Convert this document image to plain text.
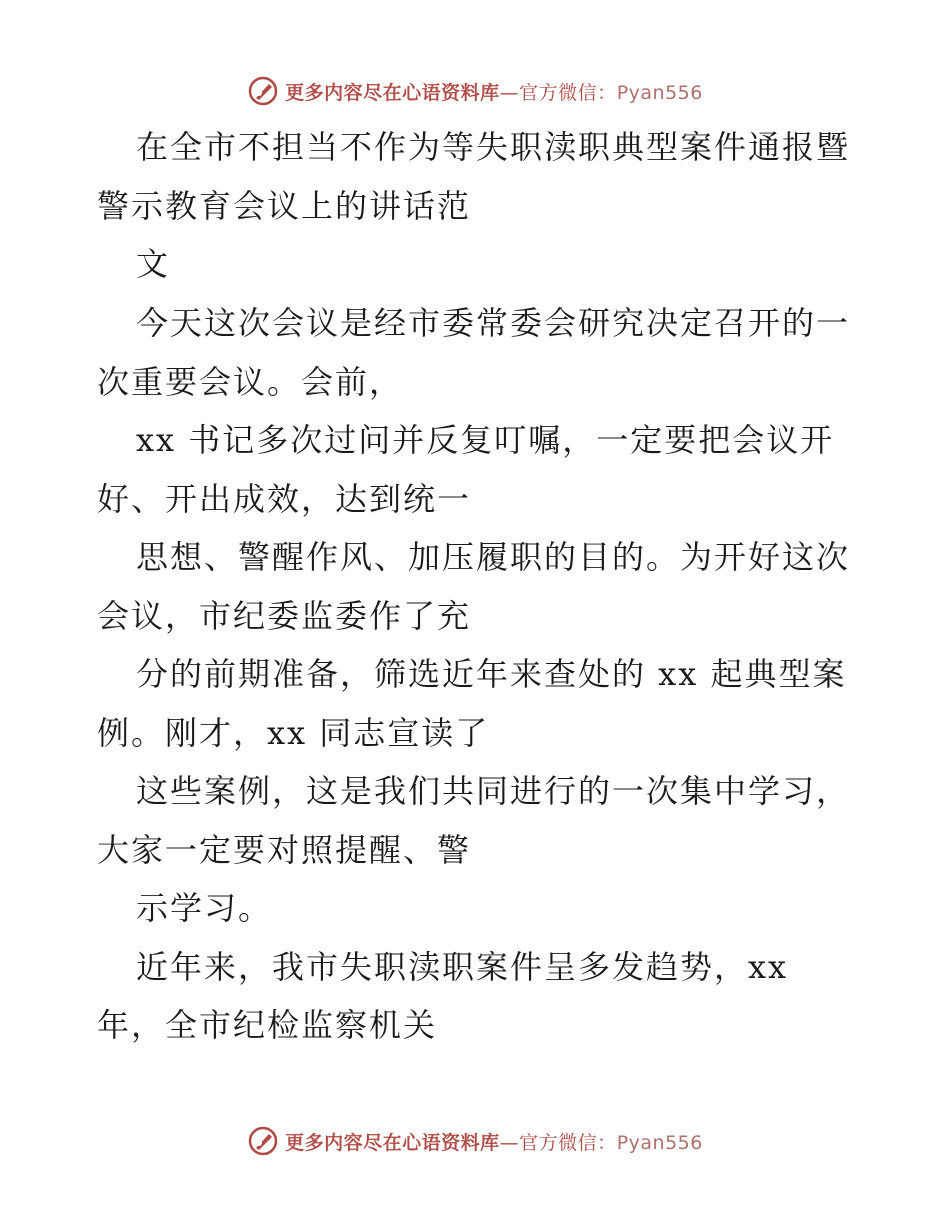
更多内容尽在心语资料库—官方微信：Pyan556
在全市不担当不作为等失职渎职典型案件通报暨
警示教育会议上的讲话范
文
今天这次会议是经市委常委会研究决定召开的一
次重要会议。会前，
xx 书记多次过问并反复叮嘱，一定要把会议开
好、开出成效，达到统一
思想、警醒作风、加压履职的目的。为开好这次
会议，市纪委监委作了充
分的前期准备，筛选近年来查处的 xx 起典型案
例。刚才，xx 同志宣读了
这些案例，这是我们共同进行的一次集中学习，
大家一定要对照提醒、警
示学习。
近年来，我市失职渎职案件呈多发趋势，xx
年，全市纪检监察机关
更多内容尽在心语资料库—官方微信：Pyan556
